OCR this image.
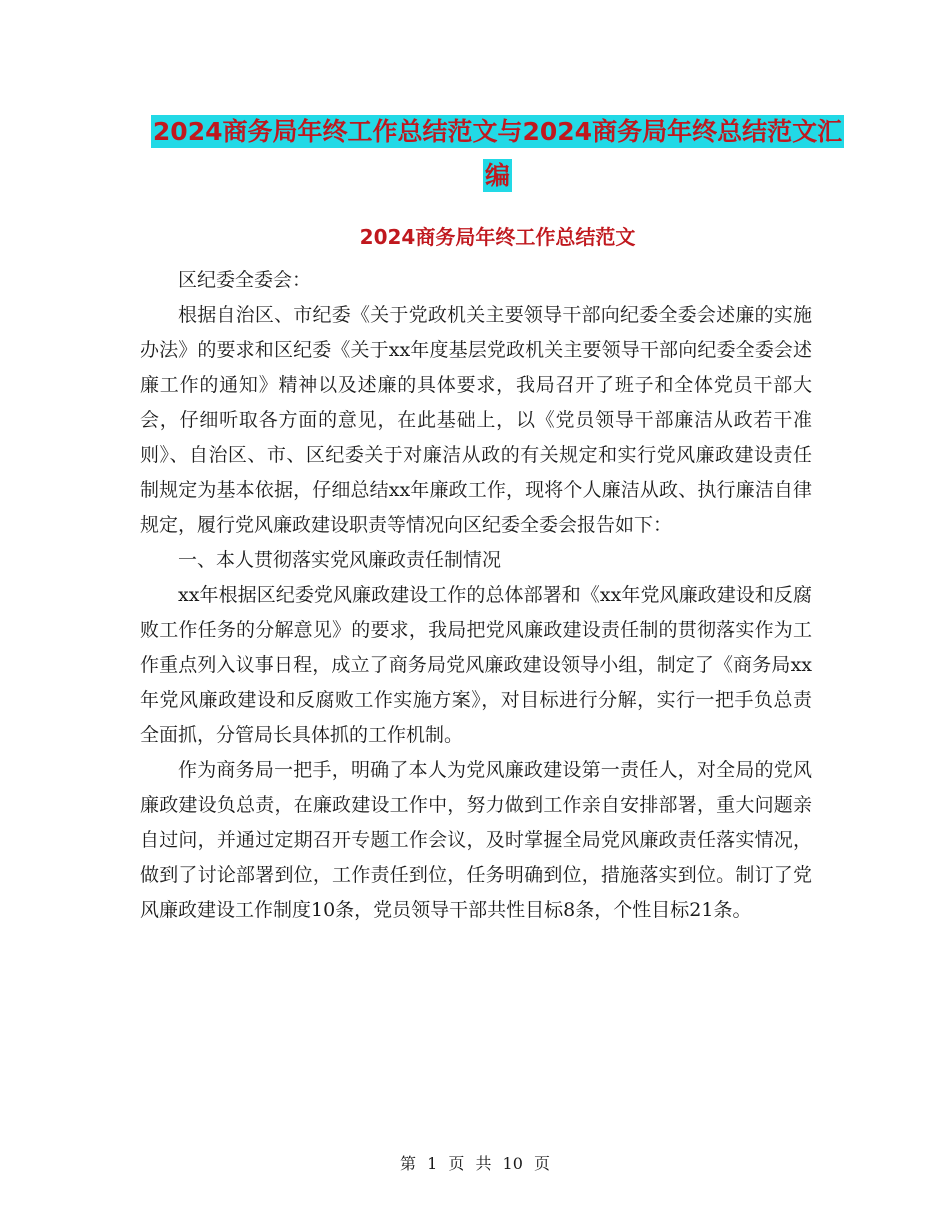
2024商务局年终工作总结范文与2024商务局年终总结范文汇编
2024商务局年终工作总结范文

区纪委全委会：

根据自治区、市纪委《关于党政机关主要领导干部向纪委全委会述廉的实施办法》的要求和区纪委《关于xx年度基层党政机关主要领导干部向纪委全委会述廉工作的通知》精神以及述廉的具体要求，我局召开了班子和全体党员干部大会，仔细听取各方面的意见，在此基础上，以《党员领导干部廉洁从政若干准则》、自治区、市、区纪委关于对廉洁从政的有关规定和实行党风廉政建设责任制规定为基本依据，仔细总结xx年廉政工作，现将个人廉洁从政、执行廉洁自律规定，履行党风廉政建设职责等情况向区纪委全委会报告如下：

一、本人贯彻落实党风廉政责任制情况

xx年根据区纪委党风廉政建设工作的总体部署和《xx年党风廉政建设和反腐败工作任务的分解意见》的要求，我局把党风廉政建设责任制的贯彻落实作为工作重点列入议事日程，成立了商务局党风廉政建设领导小组，制定了《商务局xx年党风廉政建设和反腐败工作实施方案》，对目标进行分解，实行一把手负总责全面抓，分管局长具体抓的工作机制。

作为商务局一把手，明确了本人为党风廉政建设第一责任人，对全局的党风廉政建设负总责，在廉政建设工作中，努力做到工作亲自安排部署，重大问题亲自过问，并通过定期召开专题工作会议，及时掌握全局党风廉政责任落实情况，做到了讨论部署到位，工作责任到位，任务明确到位，措施落实到位。制订了党风廉政建设工作制度10条，党员领导干部共性目标8条，个性目标21条。

第 1 页 共 10 页
